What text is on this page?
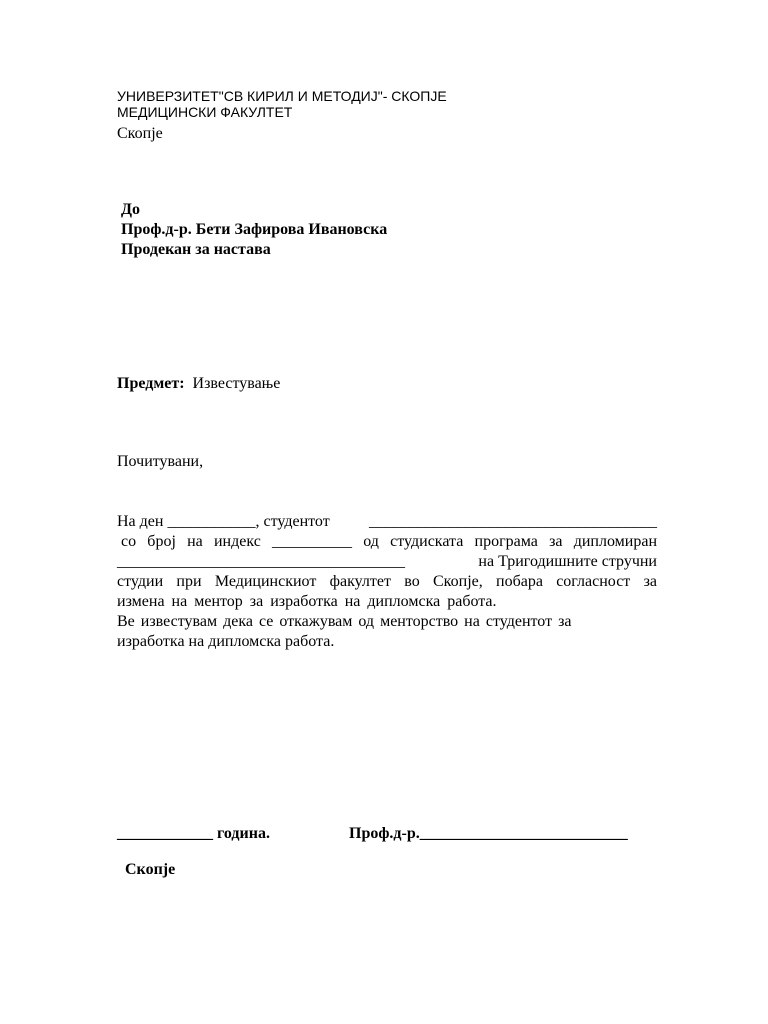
УНИВЕРЗИТЕТ"СВ КИРИЛ И МЕТОДИЈ"- СКОПЈЕ
МЕДИЦИНСКИ ФАКУЛТЕТ
Скопје
До
Проф.д-р. Бети Зафирова Ивановска
Продекан за настава
Предмет: Известување
Почитувани,
На ден ___________, студентот ____________________________________
со број на индекс __________ од студиската програма за дипломиран
____________________________________	на Тригодишните стручни
студии при Медицинскиот факултет во Скопје, побара согласност за
измена на ментор за изработка на дипломска работа.
Ве известувам дека се откажувам од менторство на студентот за
изработка на дипломска работа.
____________ година.	Проф.д-р.__________________________
Скопје
